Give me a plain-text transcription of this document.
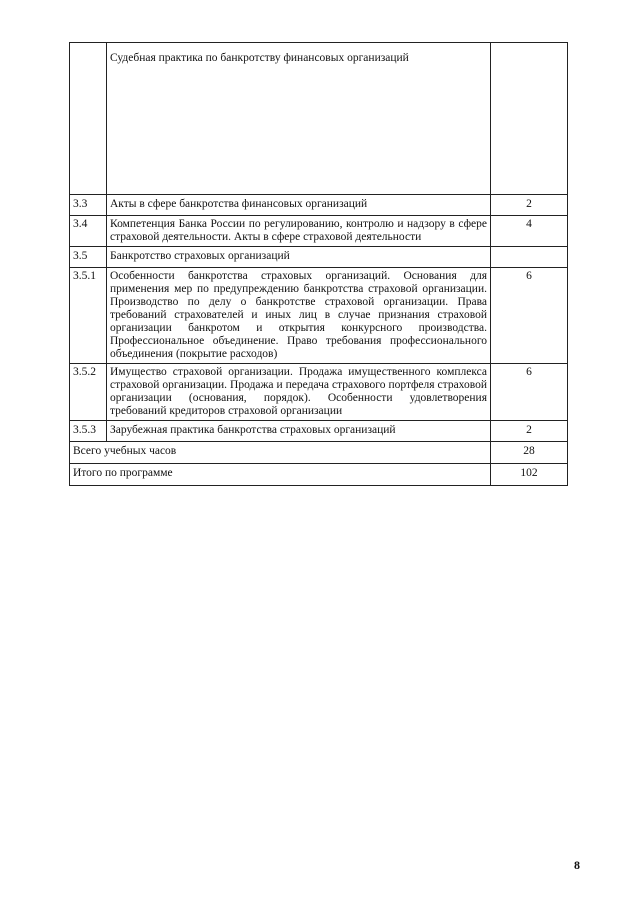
	Судебная практика по банкротству финансовых организаций	
3.3	Акты в сфере банкротства финансовых организаций	2
3.4	Компетенция Банка России по регулированию, контролю и надзору в сфере страховой деятельности. Акты в сфере страховой деятельности	4
3.5	Банкротство страховых организаций	
3.5.1	Особенности банкротства страховых организаций. Основания для применения мер по предупреждению банкротства страховой организации. Производство по делу о банкротстве страховой организации. Права требований страхователей и иных лиц в случае признания страховой организации банкротом и открытия конкурсного производства. Профессиональное объединение. Право требования профессионального объединения (покрытие расходов)	6
3.5.2	Имущество страховой организации. Продажа имущественного комплекса страховой организации. Продажа и передача страхового портфеля страховой организации (основания, порядок). Особенности удовлетворения требований кредиторов страховой организации	6
3.5.3	Зарубежная практика банкротства страховых организаций	2
Всего учебных часов		28
Итого по программе		102
8
